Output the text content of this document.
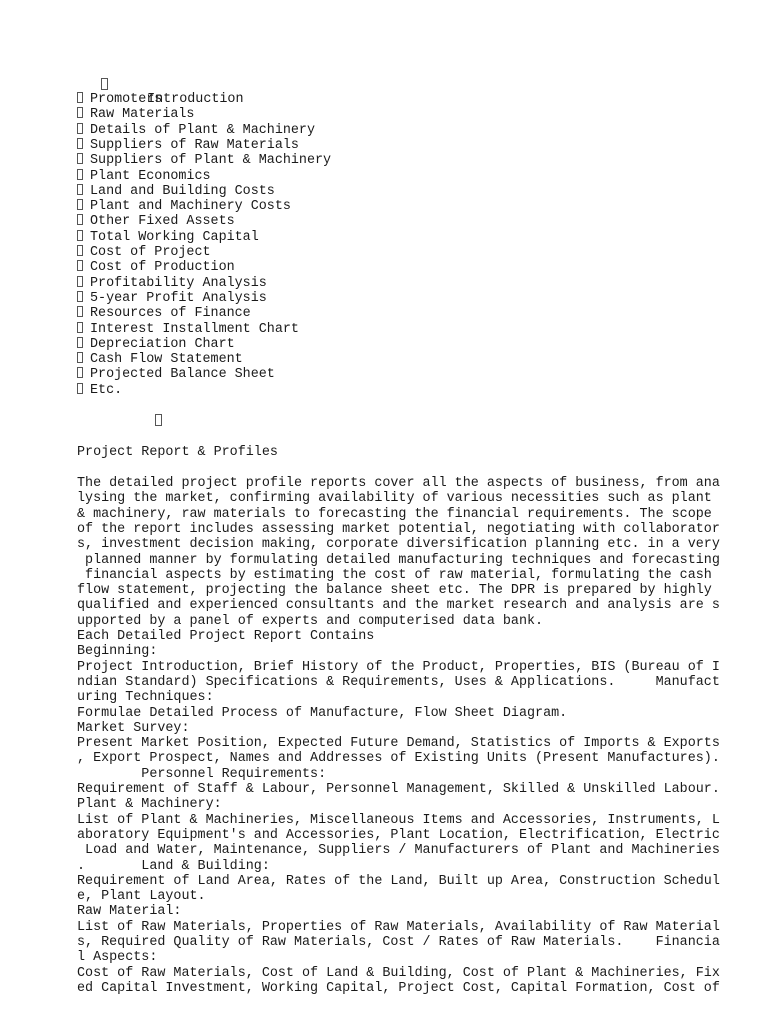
Introduction

Promoters
Raw Materials
Details of Plant & Machinery
Suppliers of Raw Materials
Suppliers of Plant & Machinery
Plant Economics
Land and Building Costs
Plant and Machinery Costs
Other Fixed Assets
Total Working Capital
Cost of Project
Cost of Production
Profitability Analysis
5-year Profit Analysis
Resources of Finance
Interest Installment Chart
Depreciation Chart
Cash Flow Statement
Projected Balance Sheet
Etc.
Project Report & Profiles
The detailed project profile reports cover all the aspects of business, from ana
lysing the market, confirming availability of various necessities such as plant
& machinery, raw materials to forecasting the financial requirements. The scope
of the report includes assessing market potential, negotiating with collaborator
s, investment decision making, corporate diversification planning etc. in a very
planned manner by formulating detailed manufacturing techniques and forecasting
financial aspects by estimating the cost of raw material, formulating the cash
flow statement, projecting the balance sheet etc. The DPR is prepared by highly
qualified and experienced consultants and the market research and analysis are s
upported by a panel of experts and computerised data bank.
Each Detailed Project Report Contains
Beginning:
Project Introduction, Brief History of the Product, Properties, BIS (Bureau of I
ndian Standard) Specifications & Requirements, Uses & Applications.     Manufact
uring Techniques:
Formulae Detailed Process of Manufacture, Flow Sheet Diagram.
Market Survey:
Present Market Position, Expected Future Demand, Statistics of Imports & Exports
, Export Prospect, Names and Addresses of Existing Units (Present Manufactures).
Personnel Requirements:
Requirement of Staff & Labour, Personnel Management, Skilled & Unskilled Labour.
Plant & Machinery:
List of Plant & Machineries, Miscellaneous Items and Accessories, Instruments, L
aboratory Equipment's and Accessories, Plant Location, Electrification, Electric
Load and Water, Maintenance, Suppliers / Manufacturers of Plant and Machineries
.       Land & Building:
Requirement of Land Area, Rates of the Land, Built up Area, Construction Schedul
e, Plant Layout.
Raw Material:
List of Raw Materials, Properties of Raw Materials, Availability of Raw Material
s, Required Quality of Raw Materials, Cost / Rates of Raw Materials.    Financia
l Aspects:
Cost of Raw Materials, Cost of Land & Building, Cost of Plant & Machineries, Fix
ed Capital Investment, Working Capital, Project Cost, Capital Formation, Cost of
